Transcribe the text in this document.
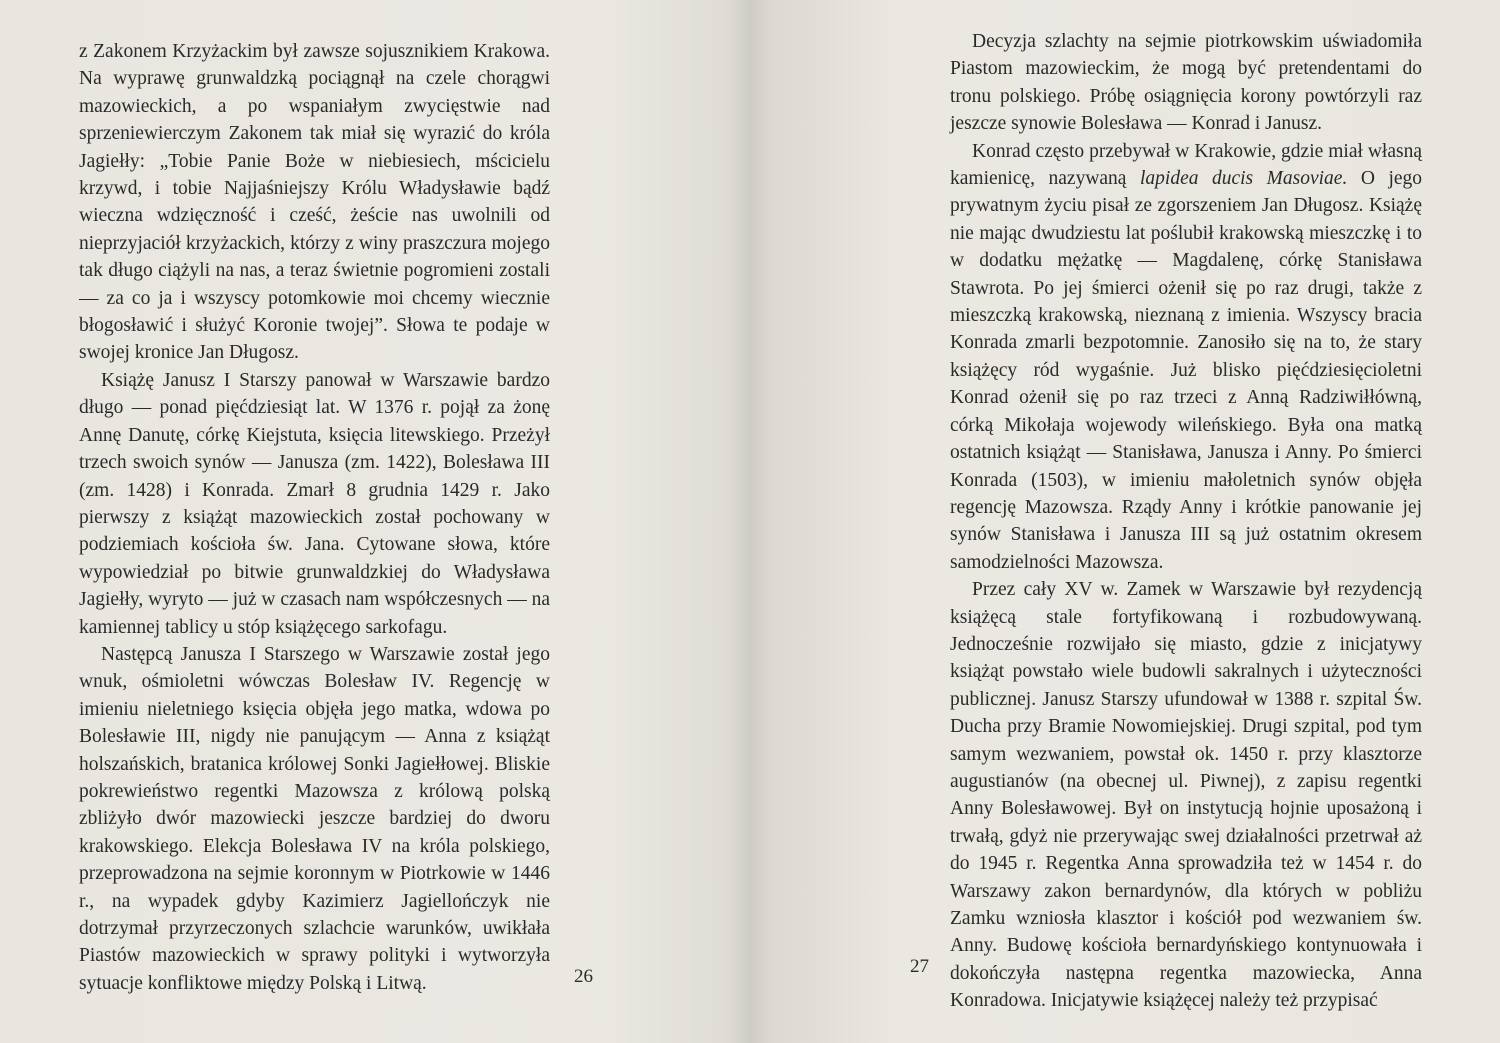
z Zakonem Krzyżackim był zawsze sojusznikiem Krakowa. Na wyprawę grunwaldzką pociągnął na czele chorągwi mazowieckich, a po wspaniałym zwycięstwie nad sprzeniewierczym Zakonem tak miał się wyrazić do króla Jagiełły: „Tobie Panie Boże w niebiesiech, mścicielu krzywd, i tobie Najjaśniejszy Królu Władysławie bądź wieczna wdzięczność i cześć, żeście nas uwolnili od nieprzyjaciół krzyżackich, którzy z winy praszczura mojego tak długo ciążyli na nas, a teraz świetnie pogromieni zostali — za co ja i wszyscy potomkowie moi chcemy wiecznie błogosławić i służyć Koronie twojej”. Słowa te podaje w swojej kronice Jan Długosz.

Książę Janusz I Starszy panował w Warszawie bardzo długo — ponad pięćdziesiąt lat. W 1376 r. pojął za żonę Annę Danutę, córkę Kiejstuta, księcia litewskiego. Przeżył trzech swoich synów — Janusza (zm. 1422), Bolesława III (zm. 1428) i Konrada. Zmarł 8 grudnia 1429 r. Jako pierwszy z książąt mazowieckich został pochowany w podziemiach kościoła św. Jana. Cytowane słowa, które wypowiedział po bitwie grunwaldzkiej do Władysława Jagiełły, wyryto — już w czasach nam współczesnych — na kamiennej tablicy u stóp książęcego sarkofagu.

Następcą Janusza I Starszego w Warszawie został jego wnuk, ośmioletni wówczas Bolesław IV. Regencję w imieniu nieletniego księcia objęła jego matka, wdowa po Bolesławie III, nigdy nie panującym — Anna z książąt holszańskich, bratanica królowej Sonki Jagiełłowej. Bliskie pokrewieństwo regentki Mazowsza z królową polską zbliżyło dwór mazowiecki jeszcze bardziej do dworu krakowskiego. Elekcja Bolesława IV na króla polskiego, przeprowadzona na sejmie koronnym w Piotrkowie w 1446 r., na wypadek gdyby Kazimierz Jagiellończyk nie dotrzymał przyrzeczonych szlachcie warunków, uwikłała Piastów mazowieckich w sprawy polityki i wytworzyła sytuacje konfliktowe między Polską i Litwą.	26

Decyzja szlachty na sejmie piotrkowskim uświadomiła Piastom mazowieckim, że mogą być pretendentami do tronu polskiego. Próbę osiągnięcia korony powtórzyli raz jeszcze synowie Bolesława — Konrad i Janusz.

Konrad często przebywał w Krakowie, gdzie miał własną kamienicę, nazywaną lapidea ducis Masoviae. O jego prywatnym życiu pisał ze zgorszeniem Jan Długosz. Książę nie mając dwudziestu lat poślubił krakowską mieszczkę i to w dodatku mężatkę — Magdalenę, córkę Stanisława Stawrota. Po jej śmierci ożenił się po raz drugi, także z mieszczką krakowską, nieznaną z imienia. Wszyscy bracia Konrada zmarli bezpotomnie. Zanosiło się na to, że stary książęcy ród wygaśnie. Już blisko pięćdziesięcioletni Konrad ożenił się po raz trzeci z Anną Radziwiłłówną, córką Mikołaja wojewody wileńskiego. Była ona matką ostatnich książąt — Stanisława, Janusza i Anny. Po śmierci Konrada (1503), w imieniu małoletnich synów objęła regencję Mazowsza. Rządy Anny i krótkie panowanie jej synów Stanisława i Janusza III są już ostatnim okresem samodzielności Mazowsza.

Przez cały XV w. Zamek w Warszawie był rezydencją książęcą stale fortyfikowaną i rozbudowywaną. Jednocześnie rozwijało się miasto, gdzie z inicjatywy książąt powstało wiele budowli sakralnych i użyteczności publicznej. Janusz Starszy ufundował w 1388 r. szpital Św. Ducha przy Bramie Nowomiejskiej. Drugi szpital, pod tym samym wezwaniem, powstał ok. 1450 r. przy klasztorze augustianów (na obecnej ul. Piwnej), z zapisu regentki Anny Bolesławowej. Był on instytucją hojnie uposażoną i trwałą, gdyż nie przerywając swej działalności przetrwał aż do 1945 r. Regentka Anna sprowadziła też w 1454 r. do Warszawy zakon bernardynów, dla których w pobliżu Zamku wzniosła klasztor i kościół pod wezwaniem św. Anny. Budowę kościoła bernardyńskiego kontynuowała i dokończyła następna regentka mazowiecka, Anna Konradowa. Inicjatywie książęcej należy też przypisać

27
